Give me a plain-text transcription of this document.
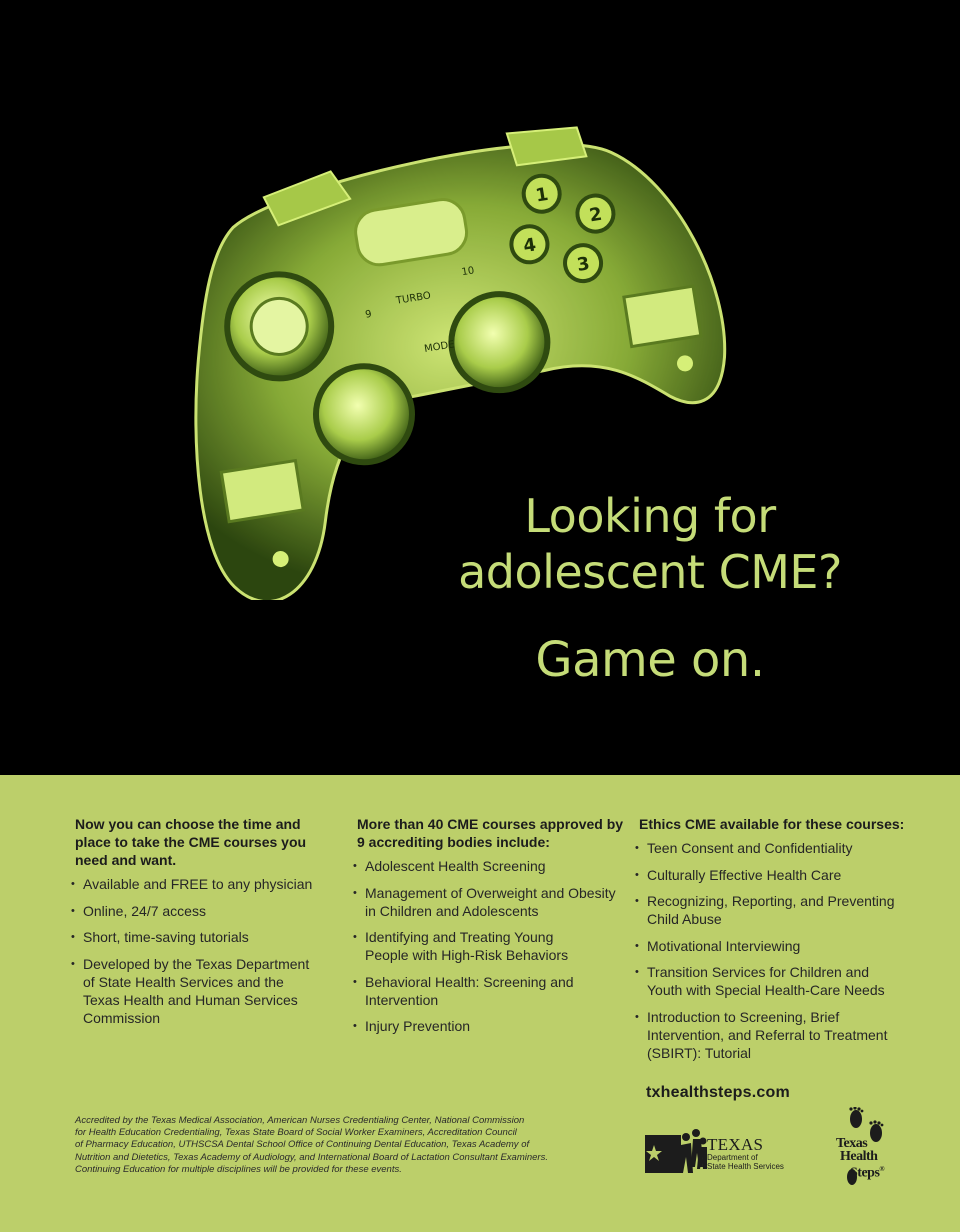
1
2
3
4
9
10
TURBO
MODE
Looking for
adolescent CME?
Game on.
Now you can choose the time and place to take the CME courses you need and want.
• Available and FREE to any physician
• Online, 24/7 access
• Short, time-saving tutorials
• Developed by the Texas Department
of State Health Services and the
Texas Health and Human Services
Commission
More than 40 CME courses approved by 9 accrediting bodies include:
• Adolescent Health Screening
• Management of Overweight and Obesity
in Children and Adolescents
• Identifying and Treating Young
People with High-Risk Behaviors
• Behavioral Health: Screening and
Intervention
• Injury Prevention
Ethics CME available for these courses:
• Teen Consent and Confidentiality
• Culturally Effective Health Care
• Recognizing, Reporting, and Preventing
Child Abuse
• Motivational Interviewing
• Transition Services for Children and
Youth with Special Health-Care Needs
• Introduction to Screening, Brief
Intervention, and Referral to Treatment
(SBIRT): Tutorial
txhealthsteps.com
Accredited by the Texas Medical Association, American Nurses Credentialing Center, National Commission
for Health Education Credentialing, Texas State Board of Social Worker Examiners, Accreditation Council
of Pharmacy Education, UTHSCSA Dental School Office of Continuing Dental Education, Texas Academy of
Nutrition and Dietetics, Texas Academy of Audiology, and International Board of Lactation Consultant Examiners.
Continuing Education for multiple disciplines will be provided for these events.
TEXAS
Department of
State Health Services
Texas
Health
Steps®
